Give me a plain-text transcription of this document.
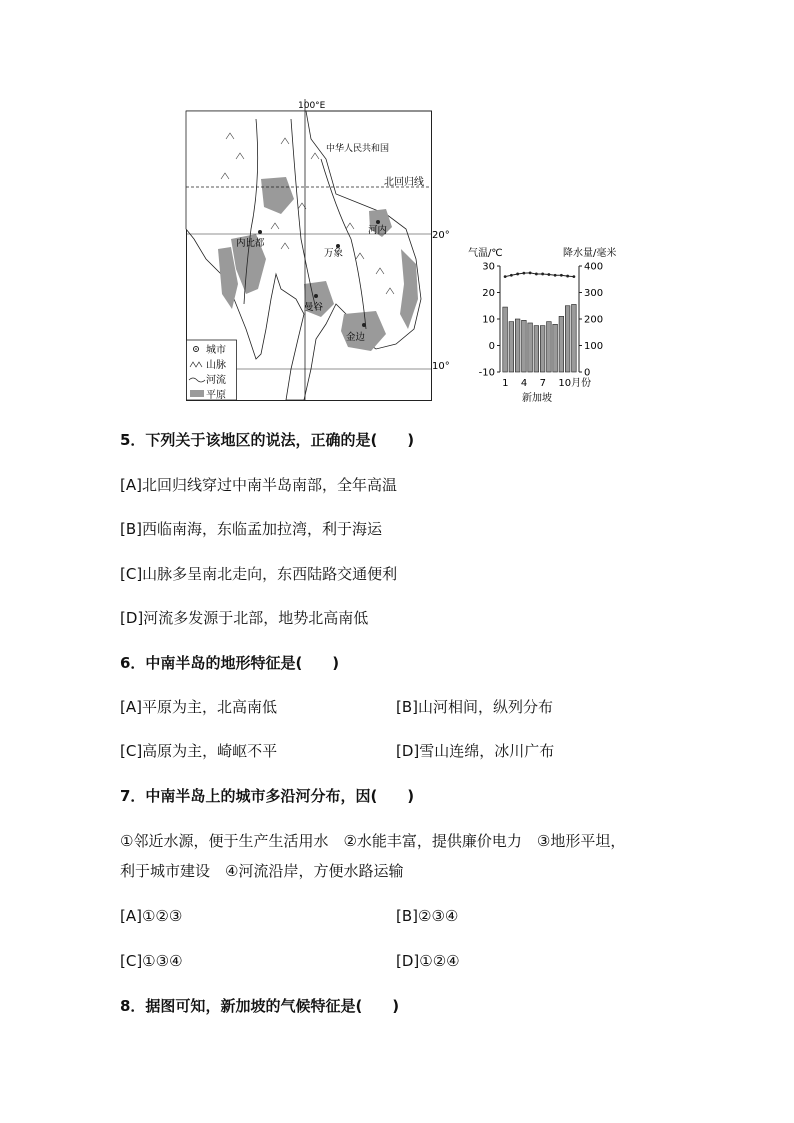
100°E
北回归线
20°
10°
中华人民共和国
河内
内比都
万象
曼谷
金边
城市
山脉
河流
平原
气温/℃	降水量/毫米
30
20
10
0
-10
400
300
200
100
0
1 4 7 10月份
新加坡
5．下列关于该地区的说法，正确的是(　　)
[A]北回归线穿过中南半岛南部，全年高温
[B]西临南海，东临孟加拉湾，利于海运
[C]山脉多呈南北走向，东西陆路交通便利
[D]河流多发源于北部，地势北高南低
6．中南半岛的地形特征是(　　)
[A]平原为主，北高南低	[B]山河相间，纵列分布
[C]高原为主，崎岖不平	[D]雪山连绵，冰川广布
7．中南半岛上的城市多沿河分布，因(　　)
①邻近水源，便于生产生活用水　②水能丰富，提供廉价电力　③地形平坦，
利于城市建设　④河流沿岸，方便水路运输
[A]①②③	[B]②③④
[C]①③④	[D]①②④
8．据图可知，新加坡的气候特征是(　　)
